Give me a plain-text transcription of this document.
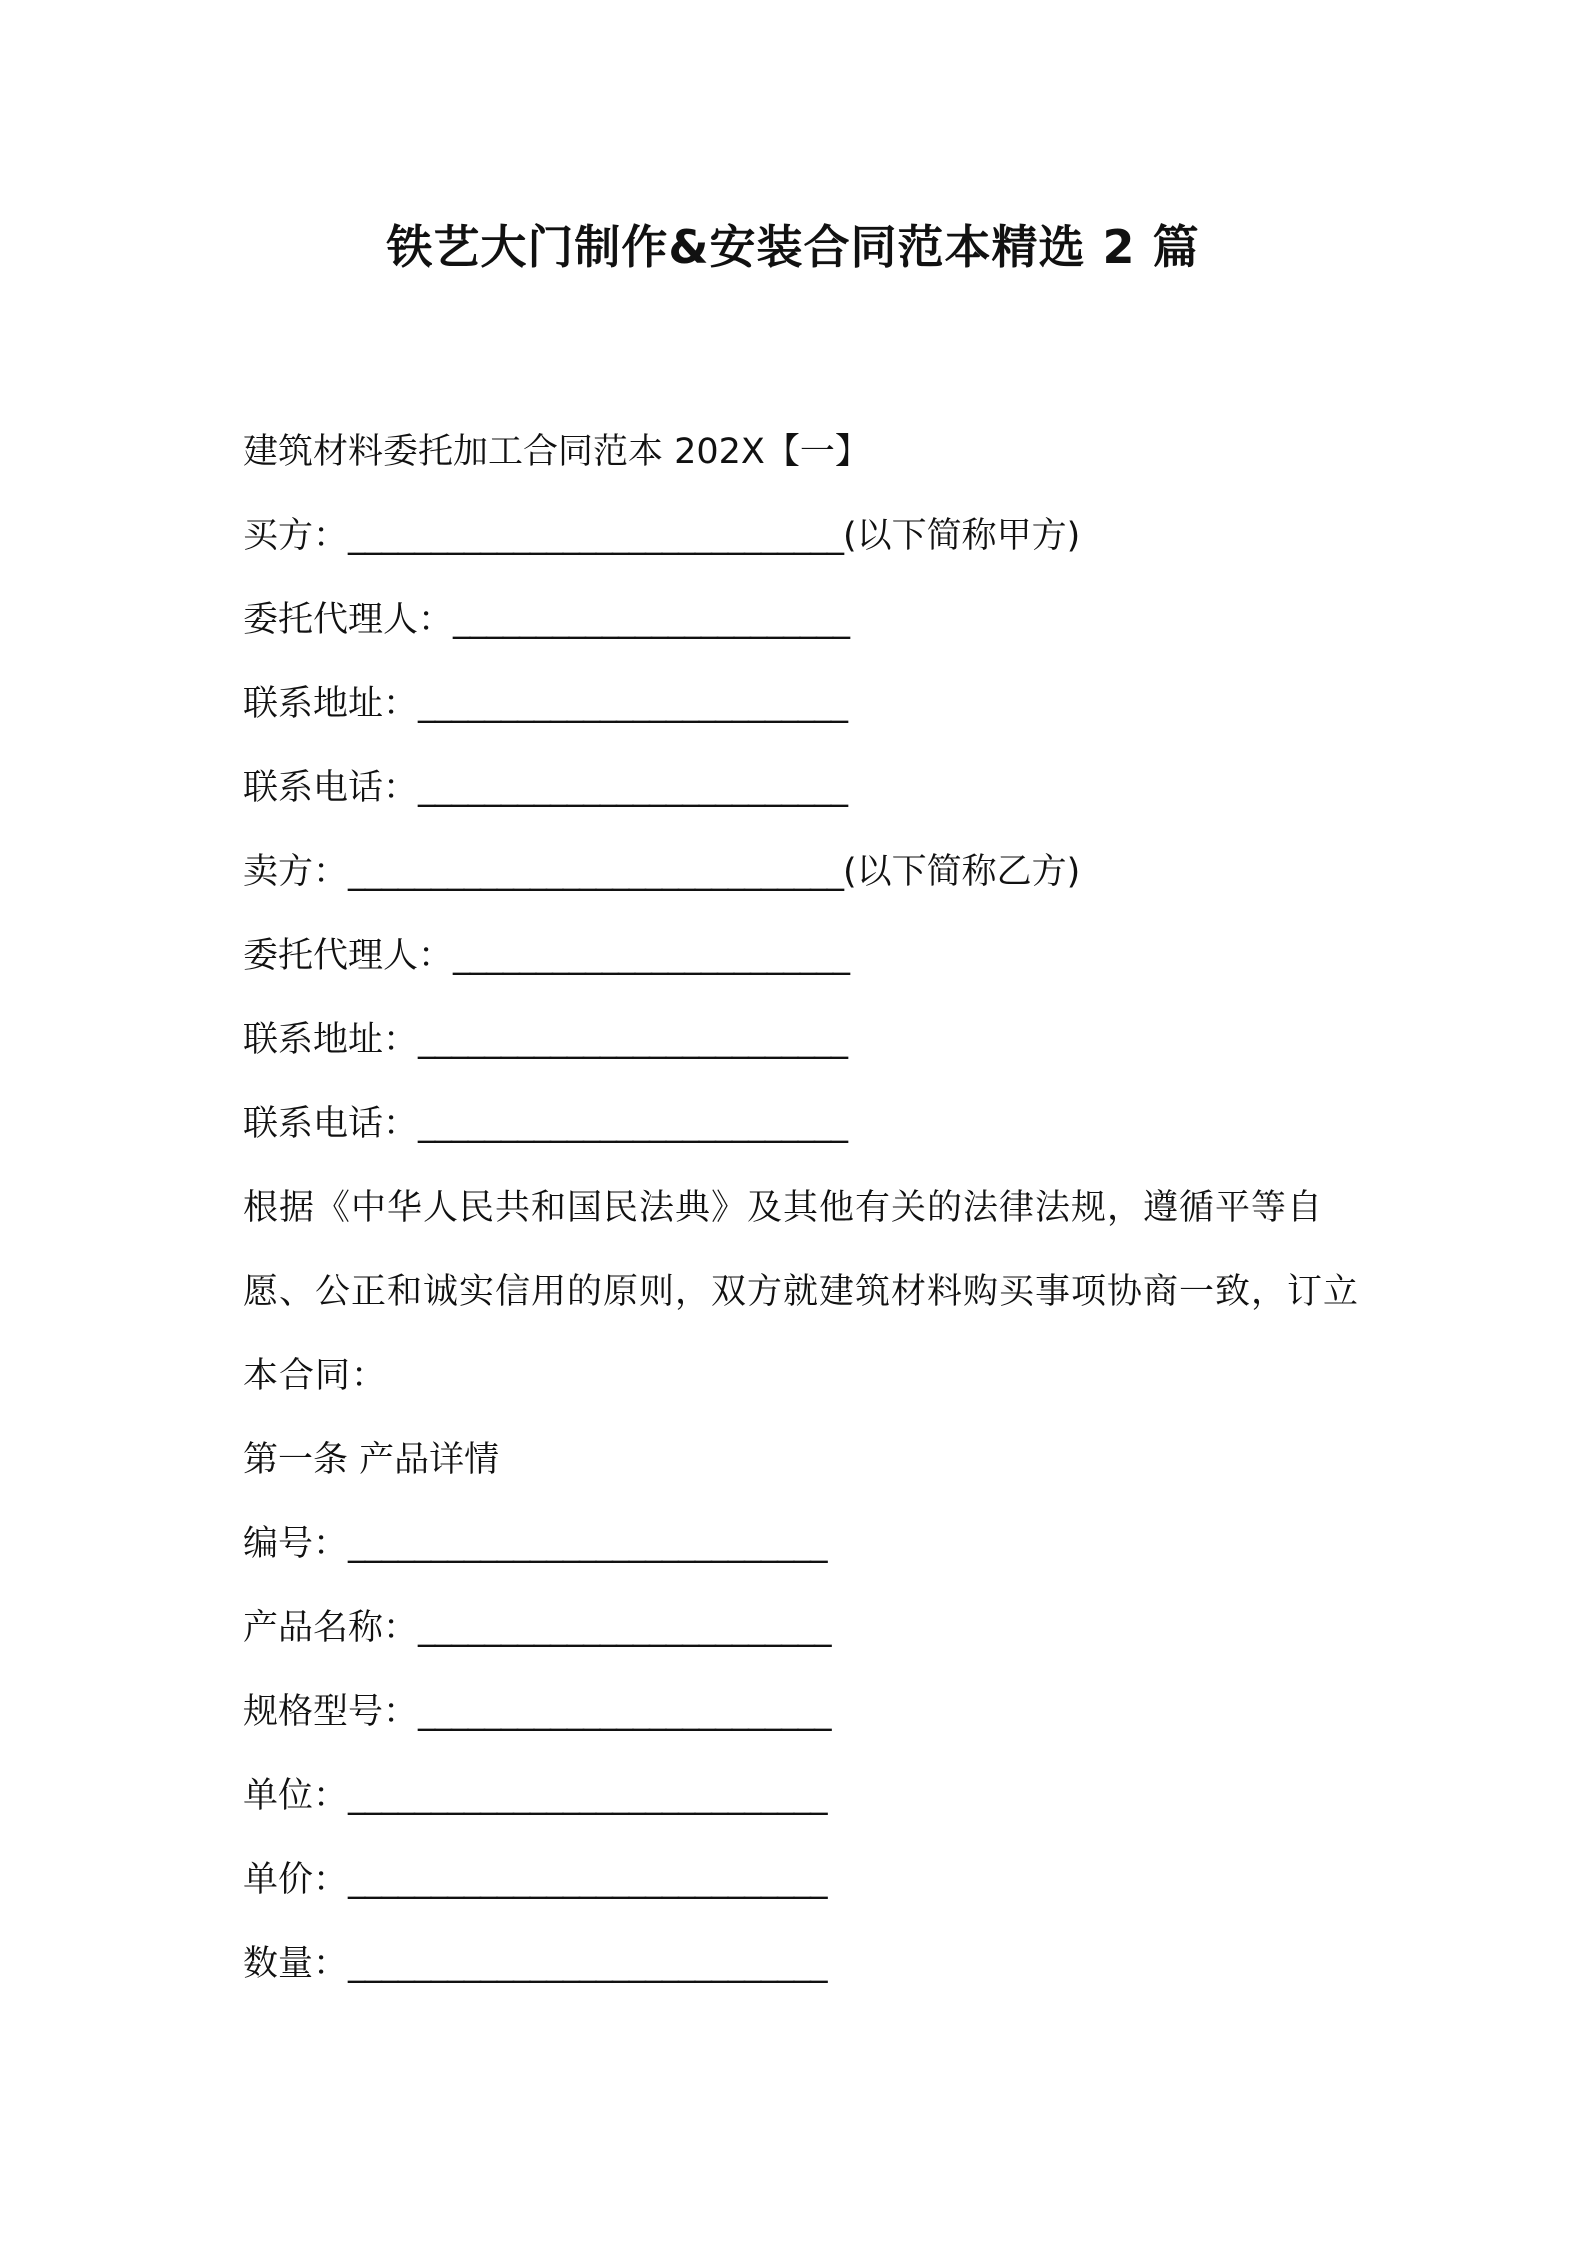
铁艺大门制作&安装合同范本精选 2 篇

建筑材料委托加工合同范本 202X【一】

买方：______________________________(以下简称甲方)

委托代理人：________________________

联系地址：__________________________

联系电话：__________________________

卖方：______________________________(以下简称乙方)

委托代理人：________________________

联系地址：__________________________

联系电话：__________________________

根据《中华人民共和国民法典》及其他有关的法律法规，遵循平等自愿、公正和诚实信用的原则，双方就建筑材料购买事项协商一致，订立本合同：

第一条 产品详情

编号：_____________________________

产品名称：_________________________

规格型号：_________________________

单位：_____________________________

单价：_____________________________

数量：_____________________________
